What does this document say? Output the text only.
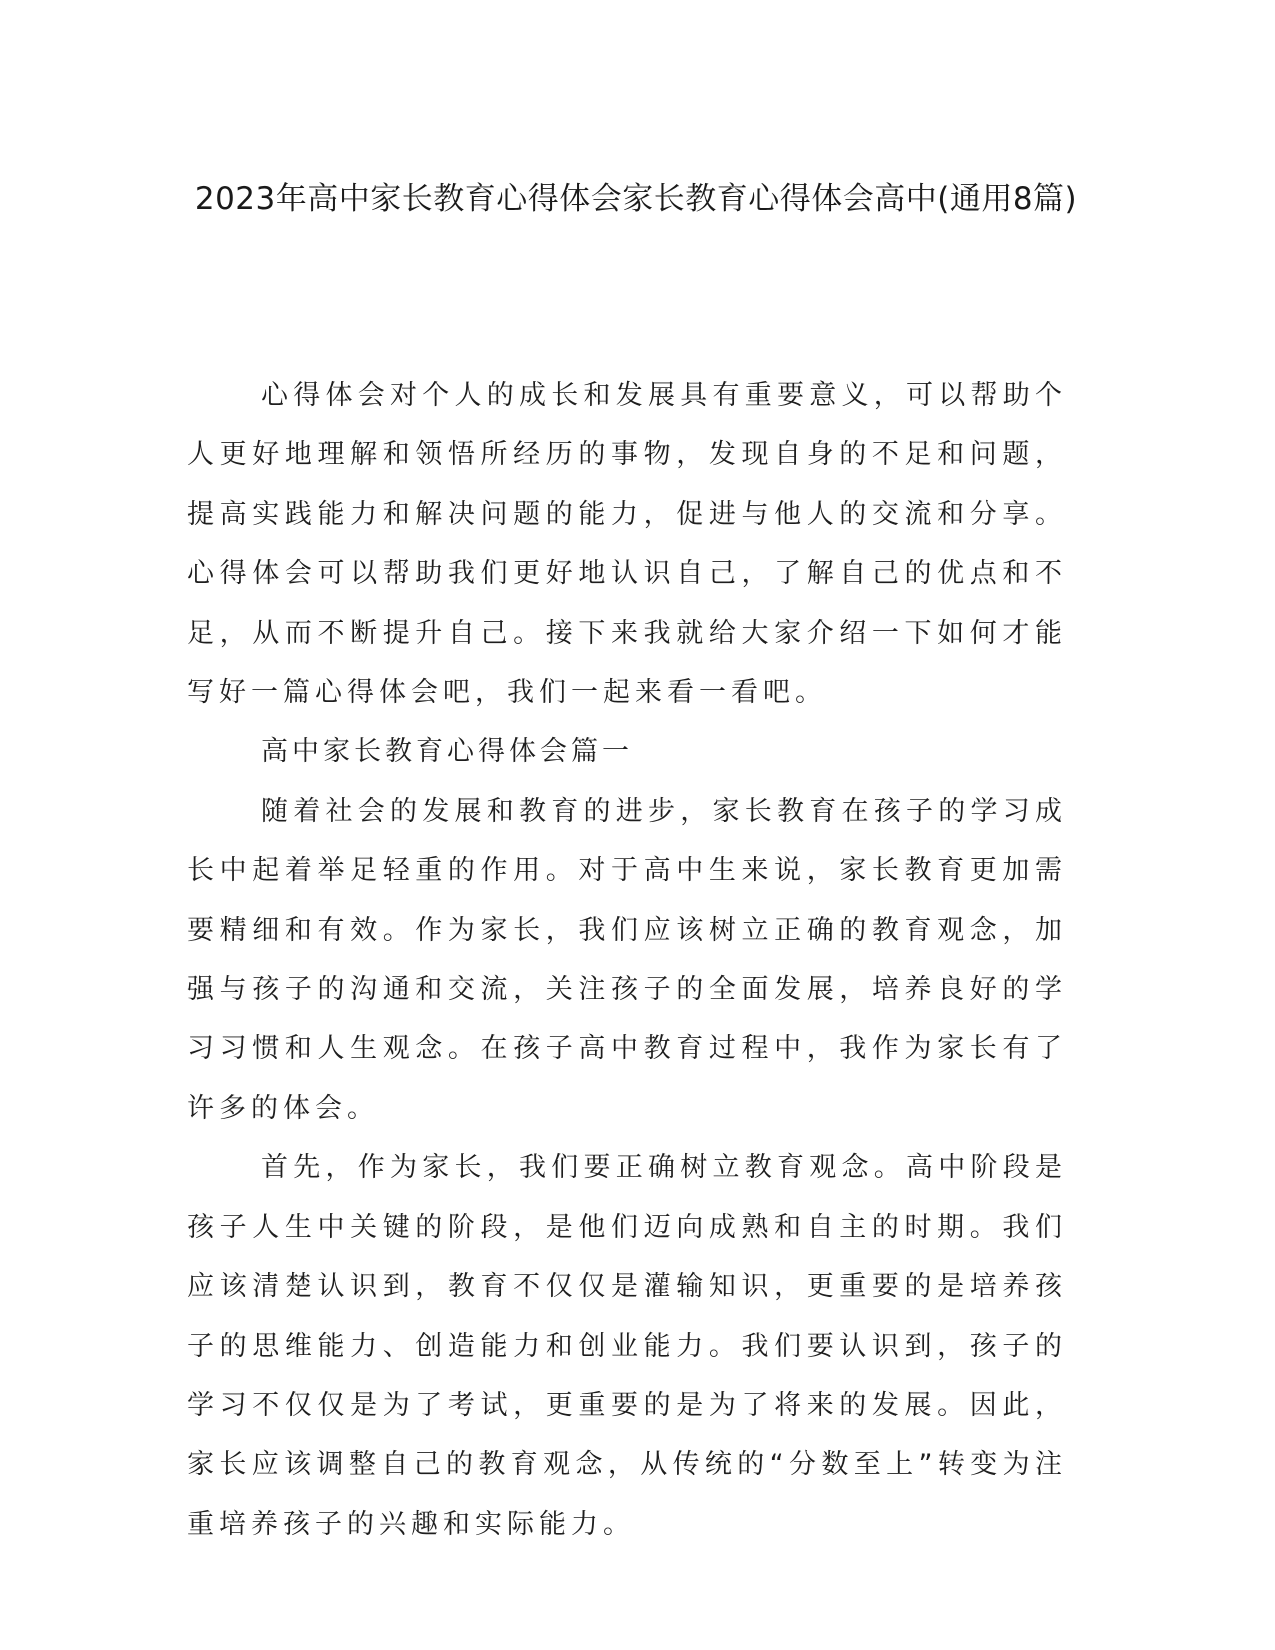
2023年高中家长教育心得体会家长教育心得体会高中(通用8篇)

心得体会对个人的成长和发展具有重要意义，可以帮助个人更好地理解和领悟所经历的事物，发现自身的不足和问题，提高实践能力和解决问题的能力，促进与他人的交流和分享。心得体会可以帮助我们更好地认识自己，了解自己的优点和不足，从而不断提升自己。接下来我就给大家介绍一下如何才能写好一篇心得体会吧，我们一起来看一看吧。

高中家长教育心得体会篇一

随着社会的发展和教育的进步，家长教育在孩子的学习成长中起着举足轻重的作用。对于高中生来说，家长教育更加需要精细和有效。作为家长，我们应该树立正确的教育观念，加强与孩子的沟通和交流，关注孩子的全面发展，培养良好的学习习惯和人生观念。在孩子高中教育过程中，我作为家长有了许多的体会。

首先，作为家长，我们要正确树立教育观念。高中阶段是孩子人生中关键的阶段，是他们迈向成熟和自主的时期。我们应该清楚认识到，教育不仅仅是灌输知识，更重要的是培养孩子的思维能力、创造能力和创业能力。我们要认识到，孩子的学习不仅仅是为了考试，更重要的是为了将来的发展。因此，家长应该调整自己的教育观念，从传统的“分数至上”转变为注重培养孩子的兴趣和实际能力。
